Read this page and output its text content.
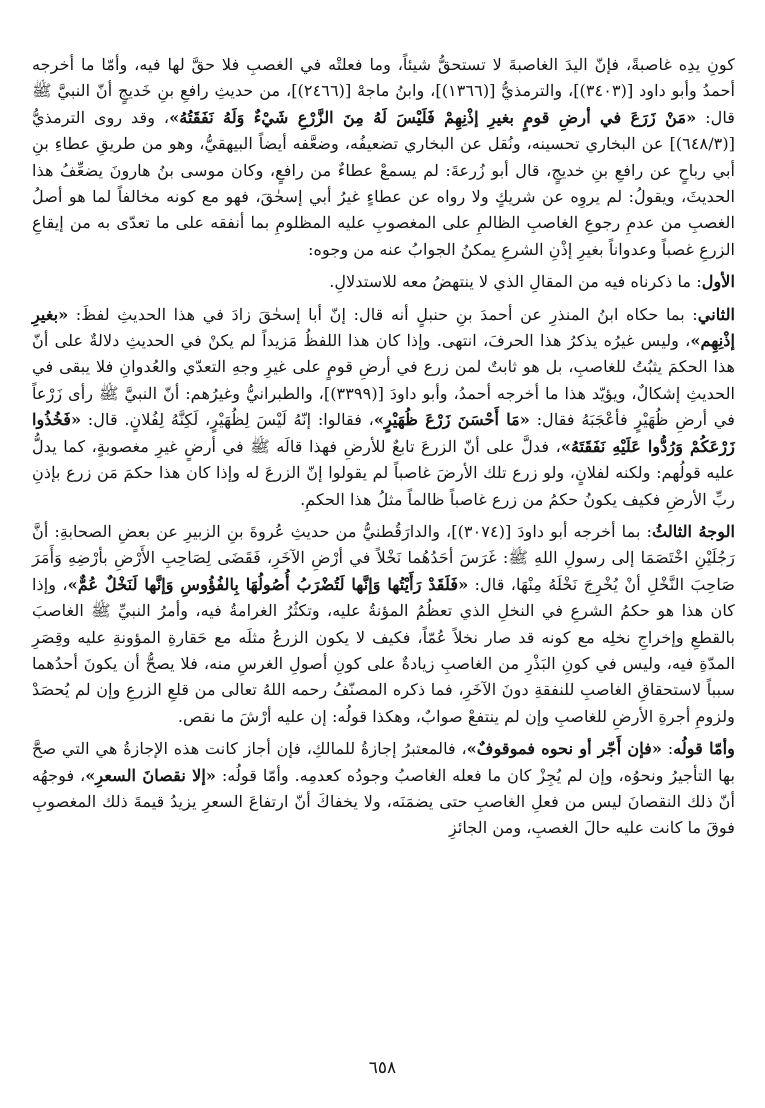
كونِ يدِه غاصبةً، فإنّ اليدَ الغاصبةَ لا تستحقُّ شيئاً، وما فعلتْه في الغصبِ فلا حقَّ لها فيه، وأمّا ما أخرجه أحمدُ وأبو داود [(٣٤٠٣)]، والترمذيُّ [(١٣٦٦)]، وابنُ ماجهْ [(٢٤٦٦)]، من حديثِ رافعِ بنِ خَديجٍ أنّ النبيَّ ﷺ قال: «مَنْ زَرَعَ في أرضِ قومٍ بغيرِ إذْنِهِمْ فَلَيْسَ لَهُ مِنَ الزَّرْعِ شَيْءٌ وَلَهُ نَفَقَتُهُ»، وقد روى الترمذيُّ [(٦٤٨/٣)] عن البخاري تحسينه، ونُقل عن البخاري تضعيفُه، وضعَّفه أيضاً البيهقيُّ، وهو من طريقِ عطاءِ بنِ أبي رباحٍ عن رافعِ بنِ خديجٍ، قال أبو زُرعةَ: لم يسمعْ عطاءٌ من رافعٍ، وكان موسى بنُ هارونَ يضعِّفُ هذا الحديثَ، ويقولُ: لم يروِه عن شريكٍ ولا رواه عن عطاءٍ غيرُ أبي إسحٰقَ، فهو مع كونه مخالفاً لما هو أصلُ الغصبِ من عدمِ رجوعِ الغاصبِ الظالمِ على المغصوبِ عليه المظلومِ بما أنفقه على ما تعدّى به من إيقاعِ الزرعِ غصباً وعدواناً بغيرِ إذْنِ الشرعِ يمكنُ الجوابُ عنه من وجوه:

الأول: ما ذكرناه فيه من المقالِ الذي لا ينتهضُ معه للاستدلالِ.

الثاني: بما حكاه ابنُ المنذرِ عن أحمدَ بنِ حنبلٍ أنه قال: إنّ أبا إسحٰقَ زادَ في هذا الحديثِ لفظَ: «بغيرِ إذْنِهِم»، وليس غيرُه يذكرُ هذا الحرفَ، انتهى. وإذا كان هذا اللفظُ مَزيداً لم يكنْ في الحديثِ دلالةٌ على أنّ هذا الحكمَ يثبُتُ للغاصبِ، بل هو ثابتٌ لمن زرع في أرضِ قومٍ على غيرِ وجهِ التعدّي والعُدوانِ فلا يبقى في الحديثِ إشكالٌ، ويؤيّد هذا ما أخرجه أحمدُ، وأبو داودَ [(٣٣٩٩)]، والطبرانيُّ وغيرُهم: أنّ النبيَّ ﷺ رأى زَرْعاً في أرضِ ظُهَيْرٍ فأعْجَبَهُ فقال: «مَا أَحْسَنَ زَرْعَ ظُهَيْرٍ»، فقالوا: إنّهُ لَيْسَ لِظُهَيْرٍ، لَكِنَّهُ لِفُلانٍ. قال: «فَخُذُوا زَرْعَكُمْ وَرُدُّوا عَلَيْهِ نَفَقَتَهُ»، فدلَّ على أنّ الزرعَ تابعٌ للأرضِ فهذا قالَه ﷺ في أرضٍ غيرِ مغصوبةٍ، كما يدلُّ عليه قولُهم: ولكنه لفلانٍ، ولو زرع تلك الأرضَ غاصباً لم يقولوا إنّ الزرعَ له وإذا كان هذا حكمَ مَن زرع بإذنِ ربِّ الأرضِ فكيف يكونُ حكمُ من زرع غاصباً ظالماً مثلُ هذا الحكمِ.

الوجهُ الثالثُ: بما أخرجه أبو داودَ [(٣٠٧٤)]، والدارَقُطنيُّ من حديثِ عُروةَ بنِ الزبيرِ عن بعضِ الصحابةِ: أنَّ رَجُلَيْنِ اخْتَصَمَا إلى رسولِ اللهِ ﷺ: غَرَسَ أحَدُهُما نَخْلاً في أرْضِ الآخَرِ، فَقَضَى لِصَاحِبِ الأَرْضِ بأرْضِهِ وَأَمَرَ صَاحِبَ النَّخْلِ أنْ يُخْرِجَ نَخْلَهُ مِنْهَا، قال: «فَلَقَدْ رَأَيْتُها وَإنَّها لَتُضْرَبُ أُصُولُهَا بِالفُؤُوسِ وَإنَّها لَنَخْلٌ عُمٌّ»، وإذا كان هذا هو حكمُ الشرعِ في النخلِ الذي تعظُمُ المؤنةُ عليه، وتكثُرُ الغرامةُ فيه، وأمرُ النبيِّ ﷺ الغاصبَ بالقطعِ وإخراجِ نخلِه مع كونه قد صار نخلاً عُمّاً، فكيف لا يكون الزرعُ مثلَه مع حَقارةِ المؤونةِ عليه وقِصَرِ المدّةِ فيه، وليس في كونِ البَذْرِ من الغاصبِ زيادةٌ على كونِ أصولِ الغرسِ منه، فلا يصحُّ أن يكونَ أحدُهما سبباً لاستحقاقِ الغاصبِ للنفقةِ دونَ الآخَرِ، فما ذكره المصنّفُ رحمه اللهُ تعالى من قلعِ الزرعِ وإن لم يُحصَدْ ولزومِ أجرةِ الأرضِ للغاصبِ وإن لم ينتفعْ صوابٌ، وهكذا قولُه: إن عليه أرْشَ ما نقص.

وأمّا قولُه: «فإن أَجّر أو نحوه فموقوفٌ»، فالمعتبرُ إجازةُ للمالكِ، فإن أجاز كانت هذه الإجازةُ هي التي صحَّ بها التأجيرُ ونحوُه، وإن لم يُجِزْ كان ما فعله الغاصبُ وجودُه كعدمِه. وأمّا قولُه: «إلا نقصانَ السعرِ»، فوجهُه أنّ ذلك النقصانَ ليس من فعلِ الغاصبِ حتى يضمَنَه، ولا يخفاكَ أنّ ارتفاعَ السعرِ يزيدُ قيمةَ ذلك المغصوبِ فوقَ ما كانت عليه حالَ الغصبِ، ومن الجائزِ

٦٥٨
